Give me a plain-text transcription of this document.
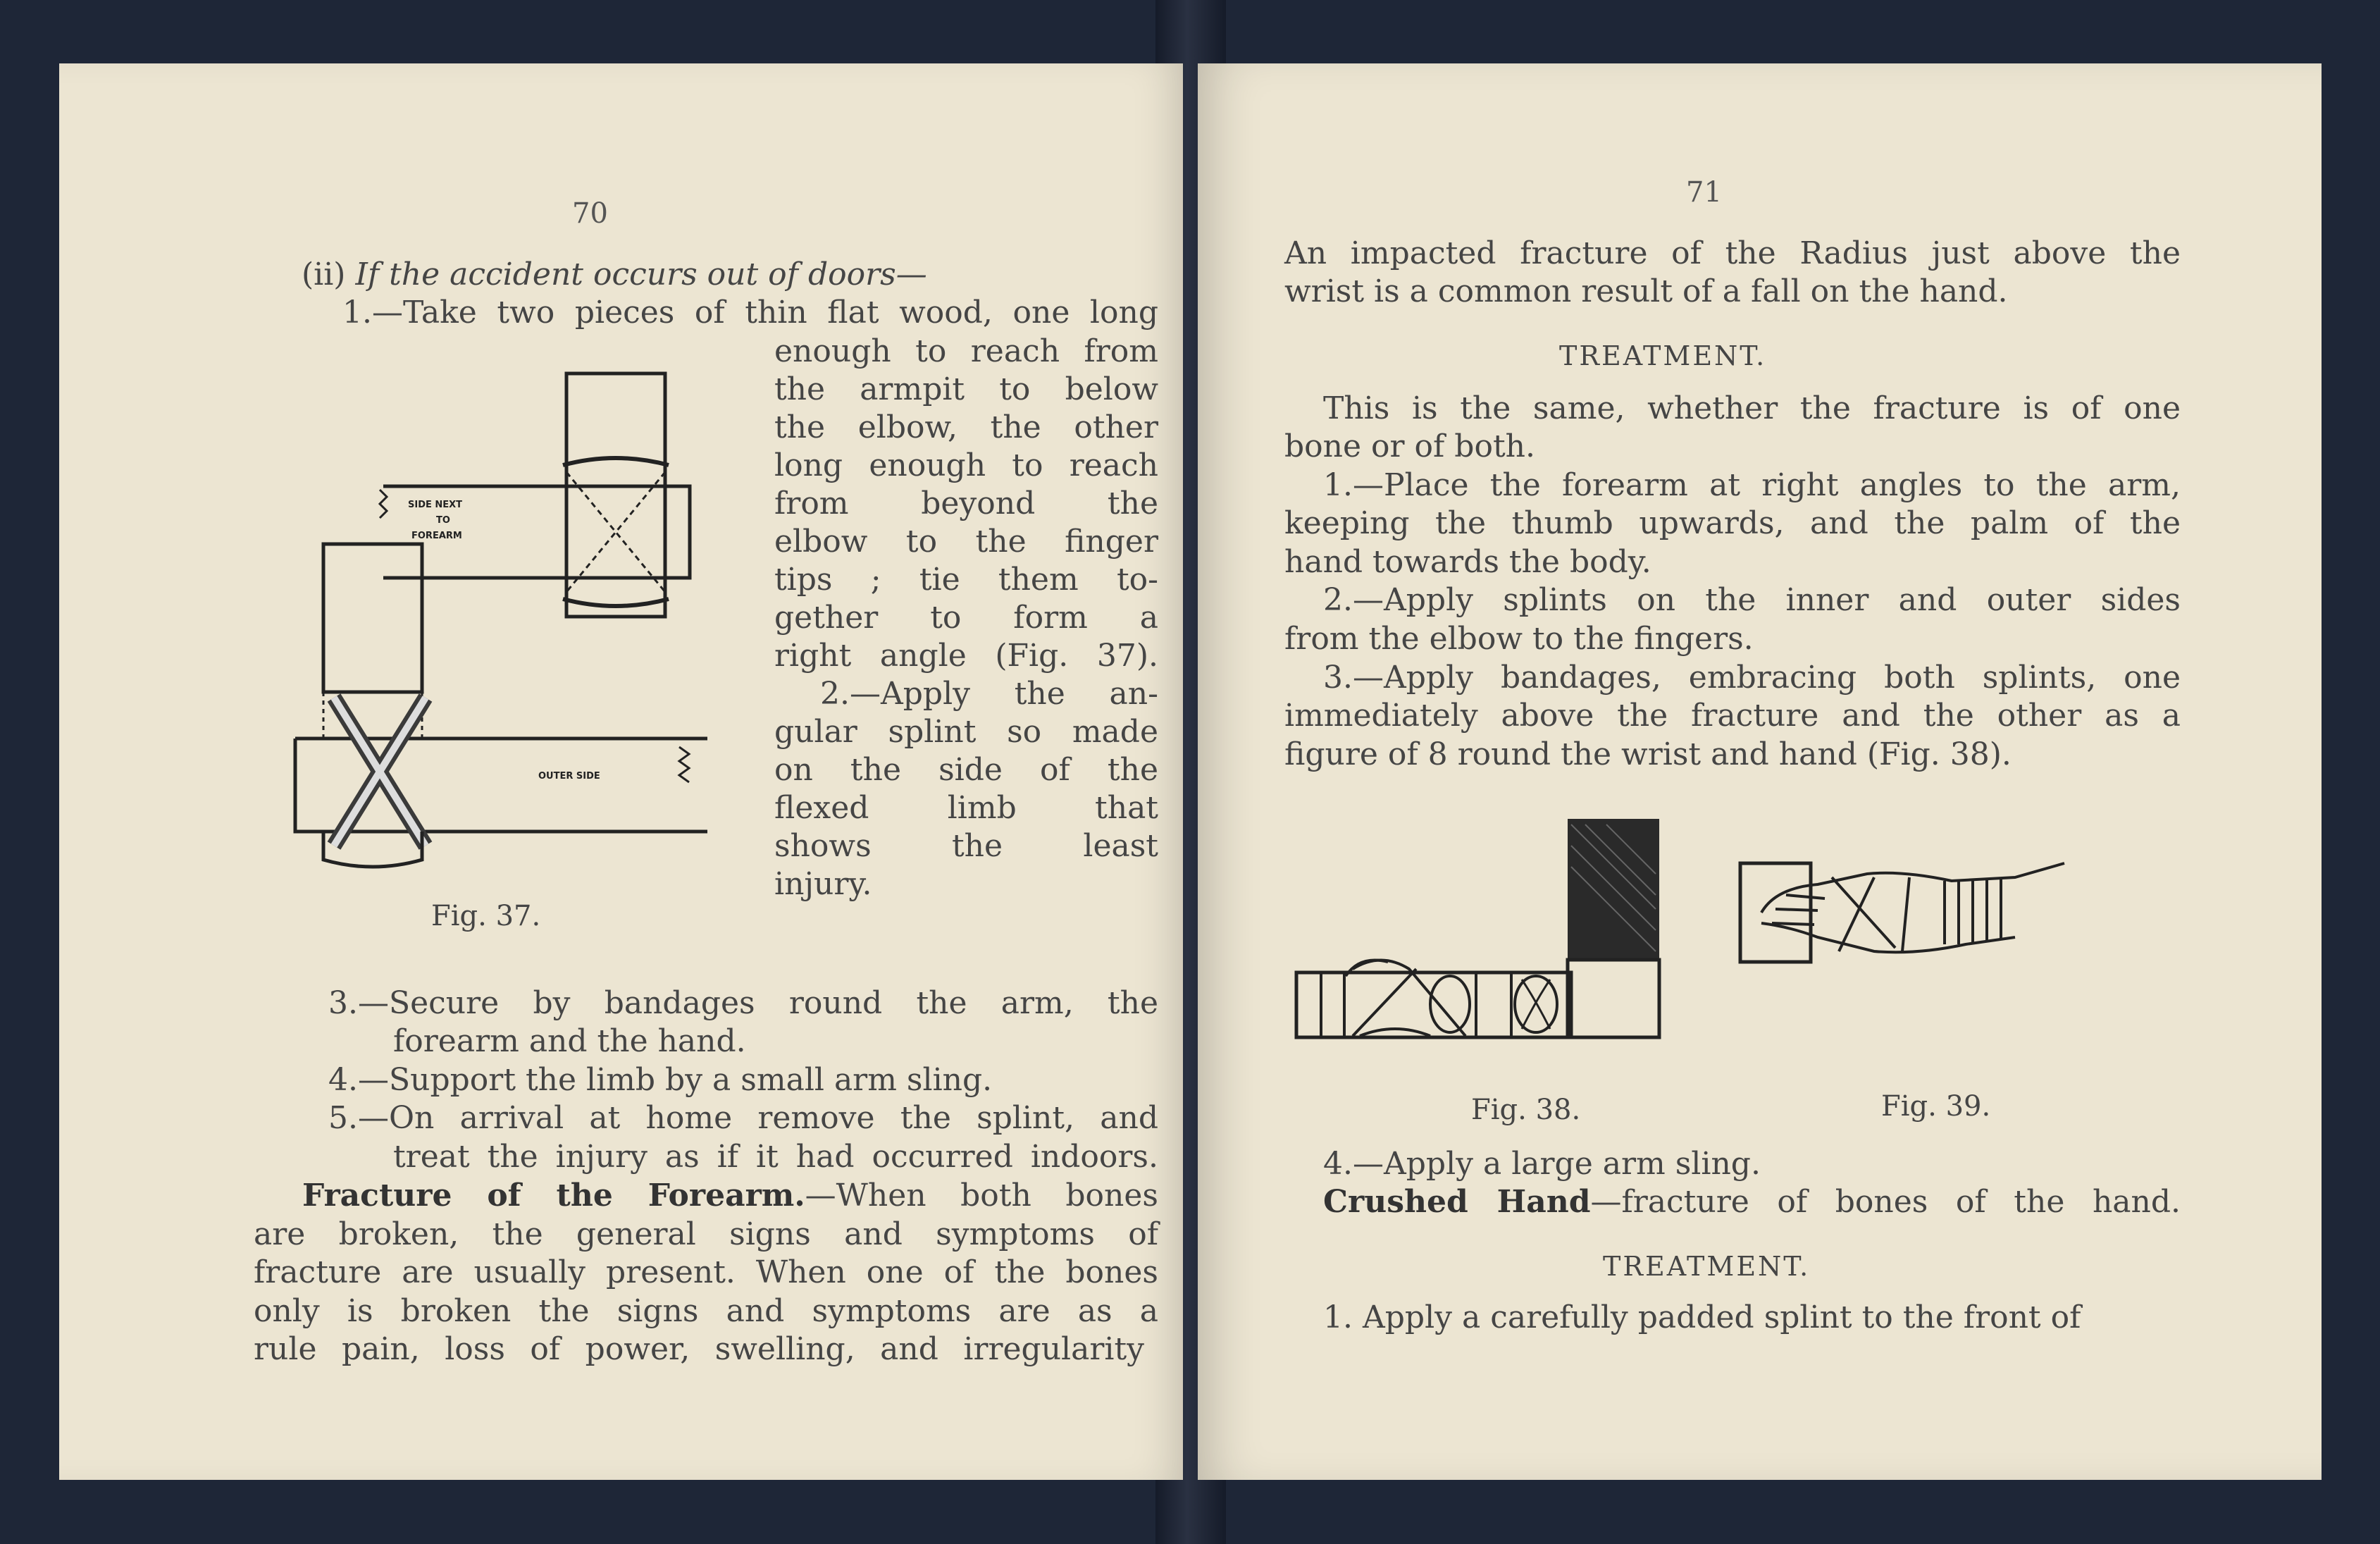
70
(ii) If the accident occurs out of doors—
1.—Take two pieces of thin flat wood, one long
SIDE NEXT
TO
FOREARM
OUTER SIDE
Fig. 37.
enough to reach from
the armpit to below
the elbow, the other
long enough to reach
from beyond the
elbow to the finger
tips ; tie them to-
gether to form a
right angle (Fig. 37).
2.—Apply the an-
gular splint so made
on the side of the
flexed limb that
shows the least
injury.
3.—Secure by bandages round the arm, the
forearm and the hand.
4.—Support the limb by a small arm sling.
5.—On arrival at home remove the splint, and
treat the injury as if it had occurred indoors.
Fracture of the Forearm.—When both bones
are broken, the general signs and symptoms of
fracture are usually present. When one of the bones
only is broken the signs and symptoms are as a
rule pain, loss of power, swelling, and irregularity
71
An impacted fracture of the Radius just above the
wrist is a common result of a fall on the hand.
TREATMENT.
This is the same, whether the fracture is of one
bone or of both.
1.—Place the forearm at right angles to the arm,
keeping the thumb upwards, and the palm of the
hand towards the body.
2.—Apply splints on the inner and outer sides
from the elbow to the fingers.
3.—Apply bandages, embracing both splints, one
immediately above the fracture and the other as a
figure of 8 round the wrist and hand (Fig. 38).
Fig. 38.	Fig. 39.
4.—Apply a large arm sling.
Crushed Hand—fracture of bones of the hand.
TREATMENT.
1. Apply a carefully padded splint to the front of
